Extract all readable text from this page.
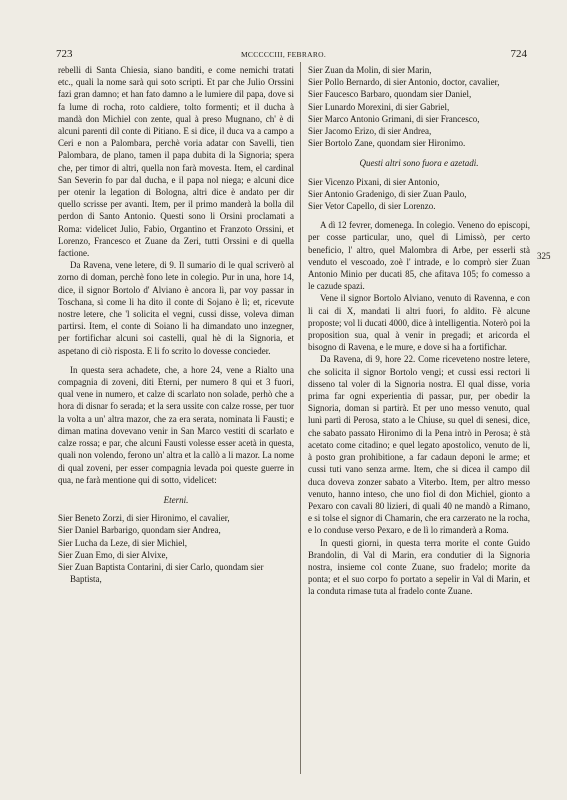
723	MCCCCCIII, FEBRARO.	724

rebelli di Santa Chiesia, siano banditi, e come nemichi tratati etc., quali la nome sarà qui soto scripti. Et par che Julio Orssini fazi gran damno; et han fato damno a le lumiere dil papa, dove si fa lume di rocha, roto caldiere, tolto formenti; et il ducha à mandà don Michiel con zente, qual à preso Mugnano, ch' è di alcuni parenti dil conte di Pitiano. E si dice, il duca va a campo a Ceri e non a Palombara, perchè voria adatar con Savelli, tien Palombara, de plano, tamen il papa dubita di la Signoria; spera che, per timor di altri, quella non farà movesta. Item, el cardinal San Severin fo par dal ducha, e il papa nol niega; e alcuni dice per otenir la legation di Bologna, altri dice è andato per dir quello scrisse per avanti. Item, per il primo manderà la bolla dil perdon di Santo Antonio. Questi sono li Orsini proclamati a Roma: videlicet Julio, Fabio, Organtino et Franzoto Orssini, et Lorenzo, Francesco et Zuane da Zeri, tutti Orssini e di quella factione.

Da Ravena, vene letere, di 9. Il sumario di le qual scriverò al zorno di doman, perchè fono lete in colegio. Pur in una, hore 14, dice, il signor Bortolo d' Alviano è ancora lì, par voy passar in Toschana, sì come li ha dito il conte di Sojano è lì; et, ricevute nostre letere, che 'l solicita el vegni, cussi disse, voleva diman partirsi. Item, el conte di Soiano li ha dimandato uno inzegner, per fortifichar alcuni soi castelli, qual hè di la Signoria, et aspetano di ciò risposta. E li fo scrito lo dovesse concieder.

In questa sera achadete, che, a hore 24, vene a Rialto una compagnia di zoveni, diti Eterni, per numero 8 qui et 3 fuori, qual vene in numero, et calze di scarlato non solade, perhò che a hora di disnar fo serada; et la sera ussite con calze rosse, per tuor la volta a un' altra mazor, che za era serata, nominata li Fausti; e diman matina dovevano venir in San Marco vestiti di scarlato e calze rossa; e par, che alcuni Fausti volesse esser acetà in questa, quali non volendo, ferono un' altra et la callò a li mazor. La nome di qual zoveni, per esser compagnia levada poi queste guerre in qua, ne farà mentione qui di sotto, videlicet:

Eterni.

Sier Beneto Zorzi, di sier Hironimo, el cavalier,

Sier Daniel Barbarigo, quondam sier Andrea,

Sier Lucha da Leze, di sier Michiel,

Sier Zuan Emo, di sier Alvixe,

Sier Zuan Baptista Contarini, di sier Carlo, quondam sier Baptista,

Sier Zuan da Molin, di sier Marin,

Sier Pollo Bernardo, di sier Antonio, doctor, cavalier,

Sier Faucesco Barbaro, quondam sier Daniel,

Sier Lunardo Morexini, di sier Gabriel,

Sier Marco Antonio Grimani, di sier Francesco,

Sier Jacomo Erizo, di sier Andrea,

Sier Bortolo Zane, quondam sier Hironimo.

Questi altri sono fuora e azetadi.

Sier Vicenzo Pixani, di sier Antonio,

Sier Antonio Gradenigo, di sier Zuan Paulo,

Sier Vetor Capello, di sier Lorenzo.

A dì 12 fevrer, domenega. In colegio. Veneno do episcopi, per cosse particular, uno, quel di Limissò, per certo beneficio, l' altro, quel Malombra di Arbe, per esserli stà venduto el vescoado, zoè l' intrade, e lo comprò sier Zuan Antonio Minio per ducati 85, che afitava 105; fo comesso a le cazude spazi.

Vene il signor Bortolo Alviano, venuto di Ravenna, e con li cai di X, mandati li altri fuori, fo aldito. Fè alcune proposte; vol li ducati 4000, dice à intelligentia. Noterò poi la proposition sua, qual à venir in pregadi; et aricorda el bisogno di Ravena, e le mure, e dove si ha a fortifichar.

Da Ravena, di 9, hore 22. Come riceveteno nostre letere, che solicita il signor Bortolo vengi; et cussi essi rectori li disseno tal voler di la Signoria nostra. El qual disse, voria prima far ogni experientia di passar, pur, per obedir la Signoria, doman si partirà. Et per uno messo venuto, qual lunì partì di Perosa, stato a le Chiuse, su quel di senesi, dice, che sabato passato Hironimo di la Pena intrò in Perosa; è stà acetato come citadino; e quel legato apostolico, venuto de li, à posto gran prohibitione, a far cadaun deponi le arme; et cussi tuti vano senza arme. Item, che si dicea il campo dil duca doveva zonzer sabato a Viterbo. Item, per altro messo venuto, hanno inteso, che uno fiol di don Michiel, gionto a Pexaro con cavali 80 lizieri, di quali 40 ne mandò a Rimano, e si tolse el signor di Chamarin, che era carzerato ne la rocha, e lo conduse verso Pexaro, e de lì lo rimanderà a Roma.

In questi giorni, in questa terra morite el conte Guido Brandolin, di Val di Marin, era condutier di la Signoria nostra, insieme col conte Zuane, suo fradelo; morite da ponta; et el suo corpo fo portato a sepelir in Val di Marin, et la conduta rimase tuta al fradelo conte Zuane.

325
